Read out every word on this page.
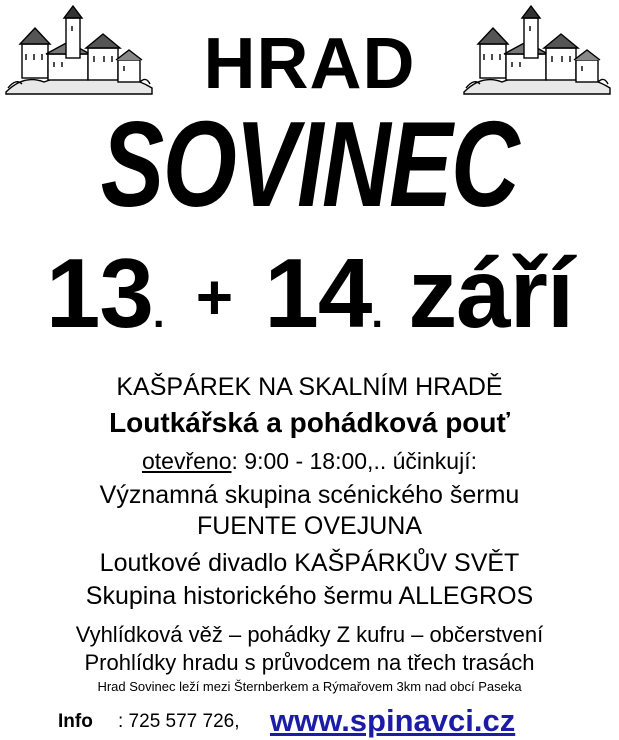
HRAD
SOVINEC
13. + 14. září
KAŠPÁREK NA SKALNÍM HRADĚ
Loutkářská a pohádková pouť
otevřeno: 9:00 - 18:00,.. účinkují:
Významná skupina scénického šermu
FUENTE OVEJUNA
Loutkové divadlo KAŠPÁRKŮV SVĚT
Skupina historického šermu ALLEGROS
Vyhlídková věž – pohádky Z kufru – občerstvení
Prohlídky hradu s průvodcem na třech trasách
Hrad Sovinec leží mezi Šternberkem a Rýmařovem 3km nad obcí Paseka
Info : 725 577 726, www.spinavci.cz
